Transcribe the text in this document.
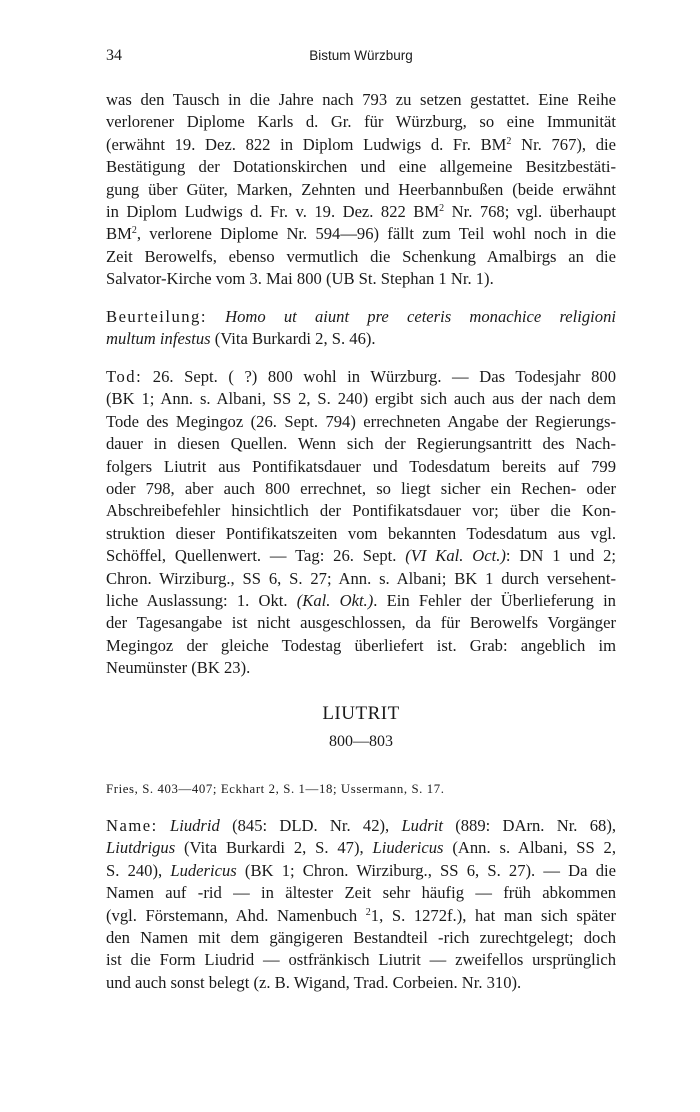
34	Bistum Würzburg
was den Tausch in die Jahre nach 793 zu setzen gestattet. Eine Reihe
verlorener Diplome Karls d. Gr. für Würzburg, so eine Immunität
(erwähnt 19. Dez. 822 in Diplom Ludwigs d. Fr. $BM^2$ Nr. 767), die
Bestätigung der Dotationskirchen und eine allgemeine Besitzbestäti-
gung über Güter, Marken, Zehnten und Heerbannbußen (beide erwähnt
in Diplom Ludwigs d. Fr. v. 19. Dez. 822 $BM^2$ Nr. 768; vgl. überhaupt
$BM^2$, verlorene Diplome Nr. 594—96) fällt zum Teil wohl noch in die
Zeit Berowelfs, ebenso vermutlich die Schenkung Amalbirgs an die
Salvator-Kirche vom 3. Mai 800 (UB St. Stephan 1 Nr. 1).
Beurteilung: Homo ut aiunt pre ceteris monachice religioni
multum infestus (Vita Burkardi 2, S. 46).
Tod: 26. Sept. ( ?) 800 wohl in Würzburg. — Das Todesjahr 800
(BK 1; Ann. s. Albani, SS 2, S. 240) ergibt sich auch aus der nach dem
Tode des Megingoz (26. Sept. 794) errechneten Angabe der Regierungs-
dauer in diesen Quellen. Wenn sich der Regierungsantritt des Nach-
folgers Liutrit aus Pontifikatsdauer und Todesdatum bereits auf 799
oder 798, aber auch 800 errechnet, so liegt sicher ein Rechen- oder
Abschreibefehler hinsichtlich der Pontifikatsdauer vor; über die Kon-
struktion dieser Pontifikatszeiten vom bekannten Todesdatum aus vgl.
Schöffel, Quellenwert. — Tag: 26. Sept. (VI Kal. Oct.): DN 1 und 2;
Chron. Wirziburg., SS 6, S. 27; Ann. s. Albani; BK 1 durch versehent-
liche Auslassung: 1. Okt. (Kal. Okt.). Ein Fehler der Überlieferung in
der Tagesangabe ist nicht ausgeschlossen, da für Berowelfs Vorgänger
Megingoz der gleiche Todestag überliefert ist. Grab: angeblich im
Neumünster (BK 23).
LIUTRIT
800—803
Fries, S. 403—407; Eckhart 2, S. 1—18; Ussermann, S. 17.
Name: Liudrid (845: DLD. Nr. 42), Ludrit (889: DArn. Nr. 68),
Liutdrigus (Vita Burkardi 2, S. 47), Liudericus (Ann. s. Albani, SS 2,
S. 240), Ludericus (BK 1; Chron. Wirziburg., SS 6, S. 27). — Da die
Namen auf -rid — in ältester Zeit sehr häufig — früh abkommen
(vgl. Förstemann, Ahd. Namenbuch $^2$1, S. 1272f.), hat man sich später
den Namen mit dem gängigeren Bestandteil -rich zurechtgelegt; doch
ist die Form Liudrid — ostfränkisch Liutrit — zweifellos ursprünglich
und auch sonst belegt (z. B. Wigand, Trad. Corbeien. Nr. 310).
